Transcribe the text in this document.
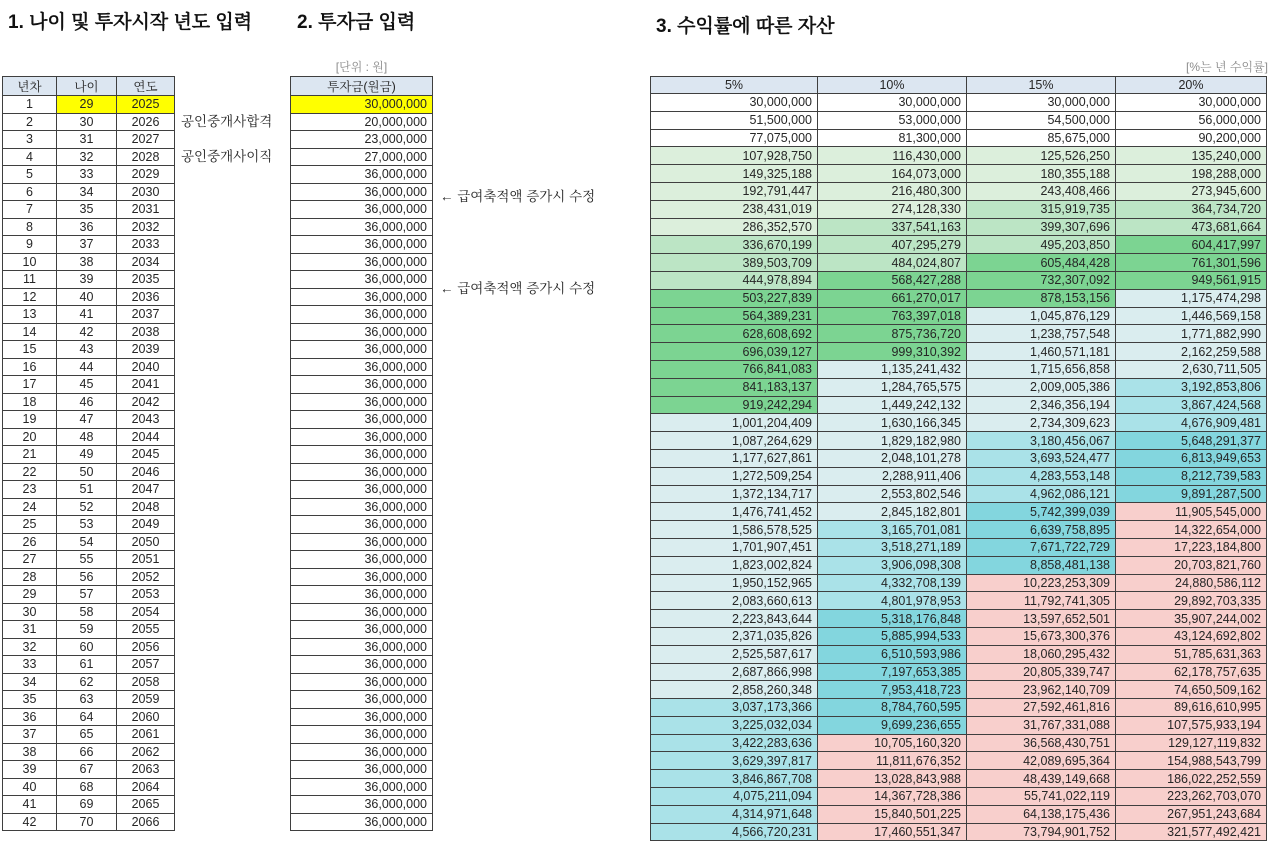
1. 나이 및 투자시작 년도 입력 2. 투자금 입력	3. 수익률에 따른 자산
[단위 : 원]	[%는 년 수익률]
년차	나이	연도
1	29	2025
2	30	2026
3	31	2027
4	32	2028
5	33	2029
6	34	2030
7	35	2031
8	36	2032
9	37	2033
10	38	2034
11	39	2035
12	40	2036
13	41	2037
14	42	2038
15	43	2039
16	44	2040
17	45	2041
18	46	2042
19	47	2043
20	48	2044
21	49	2045
22	50	2046
23	51	2047
24	52	2048
25	53	2049
26	54	2050
27	55	2051
28	56	2052
29	57	2053
30	58	2054
31	59	2055
32	60	2056
33	61	2057
34	62	2058
35	63	2059
36	64	2060
37	65	2061
38	66	2062
39	67	2063
40	68	2064
41	69	2065
42	70	2066
공인중개사합격
공인중개사이직
투자금(원금)
30,000,000
20,000,000
23,000,000
27,000,000
36,000,000
36,000,000
36,000,000
36,000,000
36,000,000
36,000,000
36,000,000
36,000,000
36,000,000
36,000,000
36,000,000
36,000,000
36,000,000
36,000,000
36,000,000
36,000,000
36,000,000
36,000,000
36,000,000
36,000,000
36,000,000
36,000,000
36,000,000
36,000,000
36,000,000
36,000,000
36,000,000
36,000,000
36,000,000
36,000,000
36,000,000
36,000,000
36,000,000
36,000,000
36,000,000
36,000,000
36,000,000
36,000,000
← 급여축적액 증가시 수정
← 급여축적액 증가시 수정
5%	10%	15%	20%
30,000,000	30,000,000	30,000,000	30,000,000
51,500,000	53,000,000	54,500,000	56,000,000
77,075,000	81,300,000	85,675,000	90,200,000
107,928,750	116,430,000	125,526,250	135,240,000
149,325,188	164,073,000	180,355,188	198,288,000
192,791,447	216,480,300	243,408,466	273,945,600
238,431,019	274,128,330	315,919,735	364,734,720
286,352,570	337,541,163	399,307,696	473,681,664
336,670,199	407,295,279	495,203,850	604,417,997
389,503,709	484,024,807	605,484,428	761,301,596
444,978,894	568,427,288	732,307,092	949,561,915
503,227,839	661,270,017	878,153,156	1,175,474,298
564,389,231	763,397,018	1,045,876,129	1,446,569,158
628,608,692	875,736,720	1,238,757,548	1,771,882,990
696,039,127	999,310,392	1,460,571,181	2,162,259,588
766,841,083	1,135,241,432	1,715,656,858	2,630,711,505
841,183,137	1,284,765,575	2,009,005,386	3,192,853,806
919,242,294	1,449,242,132	2,346,356,194	3,867,424,568
1,001,204,409	1,630,166,345	2,734,309,623	4,676,909,481
1,087,264,629	1,829,182,980	3,180,456,067	5,648,291,377
1,177,627,861	2,048,101,278	3,693,524,477	6,813,949,653
1,272,509,254	2,288,911,406	4,283,553,148	8,212,739,583
1,372,134,717	2,553,802,546	4,962,086,121	9,891,287,500
1,476,741,452	2,845,182,801	5,742,399,039	11,905,545,000
1,586,578,525	3,165,701,081	6,639,758,895	14,322,654,000
1,701,907,451	3,518,271,189	7,671,722,729	17,223,184,800
1,823,002,824	3,906,098,308	8,858,481,138	20,703,821,760
1,950,152,965	4,332,708,139	10,223,253,309	24,880,586,112
2,083,660,613	4,801,978,953	11,792,741,305	29,892,703,335
2,223,843,644	5,318,176,848	13,597,652,501	35,907,244,002
2,371,035,826	5,885,994,533	15,673,300,376	43,124,692,802
2,525,587,617	6,510,593,986	18,060,295,432	51,785,631,363
2,687,866,998	7,197,653,385	20,805,339,747	62,178,757,635
2,858,260,348	7,953,418,723	23,962,140,709	74,650,509,162
3,037,173,366	8,784,760,595	27,592,461,816	89,616,610,995
3,225,032,034	9,699,236,655	31,767,331,088	107,575,933,194
3,422,283,636	10,705,160,320	36,568,430,751	129,127,119,832
3,629,397,817	11,811,676,352	42,089,695,364	154,988,543,799
3,846,867,708	13,028,843,988	48,439,149,668	186,022,252,559
4,075,211,094	14,367,728,386	55,741,022,119	223,262,703,070
4,314,971,648	15,840,501,225	64,138,175,436	267,951,243,684
4,566,720,231	17,460,551,347	73,794,901,752	321,577,492,421
